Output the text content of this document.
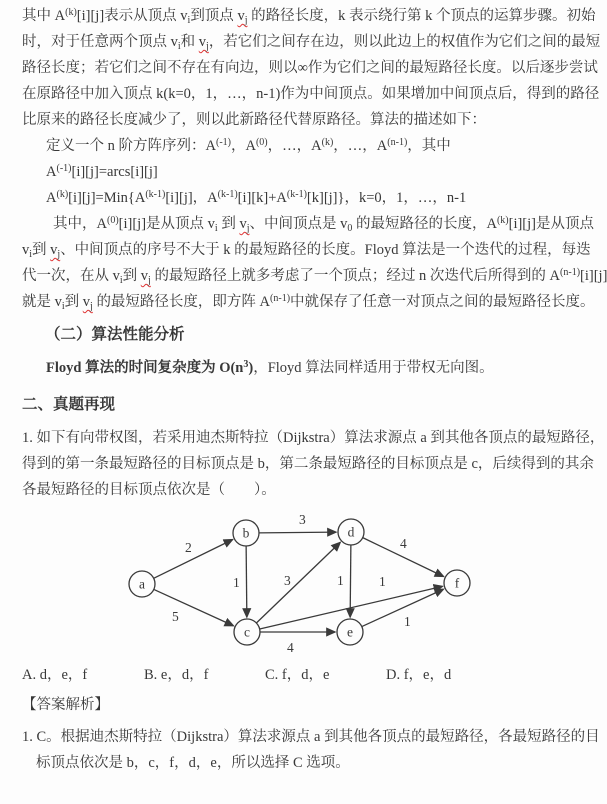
其中 $A^{(k)}[i][j]$表示从顶点 $v_i$到顶点 $v_j$ 的路径长度，k 表示绕行第 k 个顶点的运算步骤。初始
时，对于任意两个顶点 $v_i$和 $v_j$，若它们之间存在边，则以此边上的权值作为它们之间的最短
路径长度；若它们之间不存在有向边，则以∞作为它们之间的最短路径长度。以后逐步尝试
在原路径中加入顶点 k(k=0，1，…，n-1)作为中间顶点。如果增加中间顶点后，得到的路径
比原来的路径长度减少了，则以此新路径代替原路径。算法的描述如下：
定义一个 n 阶方阵序列：$A^{(-1)}$，$A^{(0)}$，…，$A^{(k)}$，…，$A^{(n-1)}$，其中
$A^{(-1)}[i][j]=arcs[i][j]$
$A^{(k)}[i][j]=Min\{A^{(k-1)}[i][j]$，$A^{(k-1)}[i][k]+A^{(k-1)}[k][j]$}，k=0，1，…，n-1
其中，$A^{(0)}[i][j]$是从顶点 $v_i$ 到 $v_j$、中间顶点是 $v_0$ 的最短路径的长度，$A^{(k)}[i][j]$是从顶点
$v_i$到 $v_j$、中间顶点的序号不大于 k 的最短路径的长度。Floyd 算法是一个迭代的过程，每迭
代一次，在从 $v_i$到 $v_j$ 的最短路径上就多考虑了一个顶点；经过 n 次迭代后所得到的 $A^{(n-1)}[i][j]$
就是 $v_i$到 $v_j$ 的最短路径长度，即方阵 $A^{(n-1)}$中就保存了任意一对顶点之间的最短路径长度。
（二）算法性能分析
Floyd 算法的时间复杂度为 $O(n^3)$，Floyd 算法同样适用于带权无向图。
二、真题再现
1. 如下有向带权图，若采用迪杰斯特拉（Dijkstra）算法求源点 a 到其他各顶点的最短路径，
得到的第一条最短路径的目标顶点是 b，第二条最短路径的目标顶点是 c，后续得到的其余
各最短路径的目标顶点依次是（　　）。
2
5
3
1	3
4
1
4
1
1
a
b	d
f
c	e
A. d，e，f	B. e，d，f	C. f，d，e	D. f，e，d
【答案解析】
1. C。根据迪杰斯特拉（Dijkstra）算法求源点 a 到其他各顶点的最短路径，各最短路径的目
标顶点依次是 b，c，f，d，e，所以选择 C 选项。
